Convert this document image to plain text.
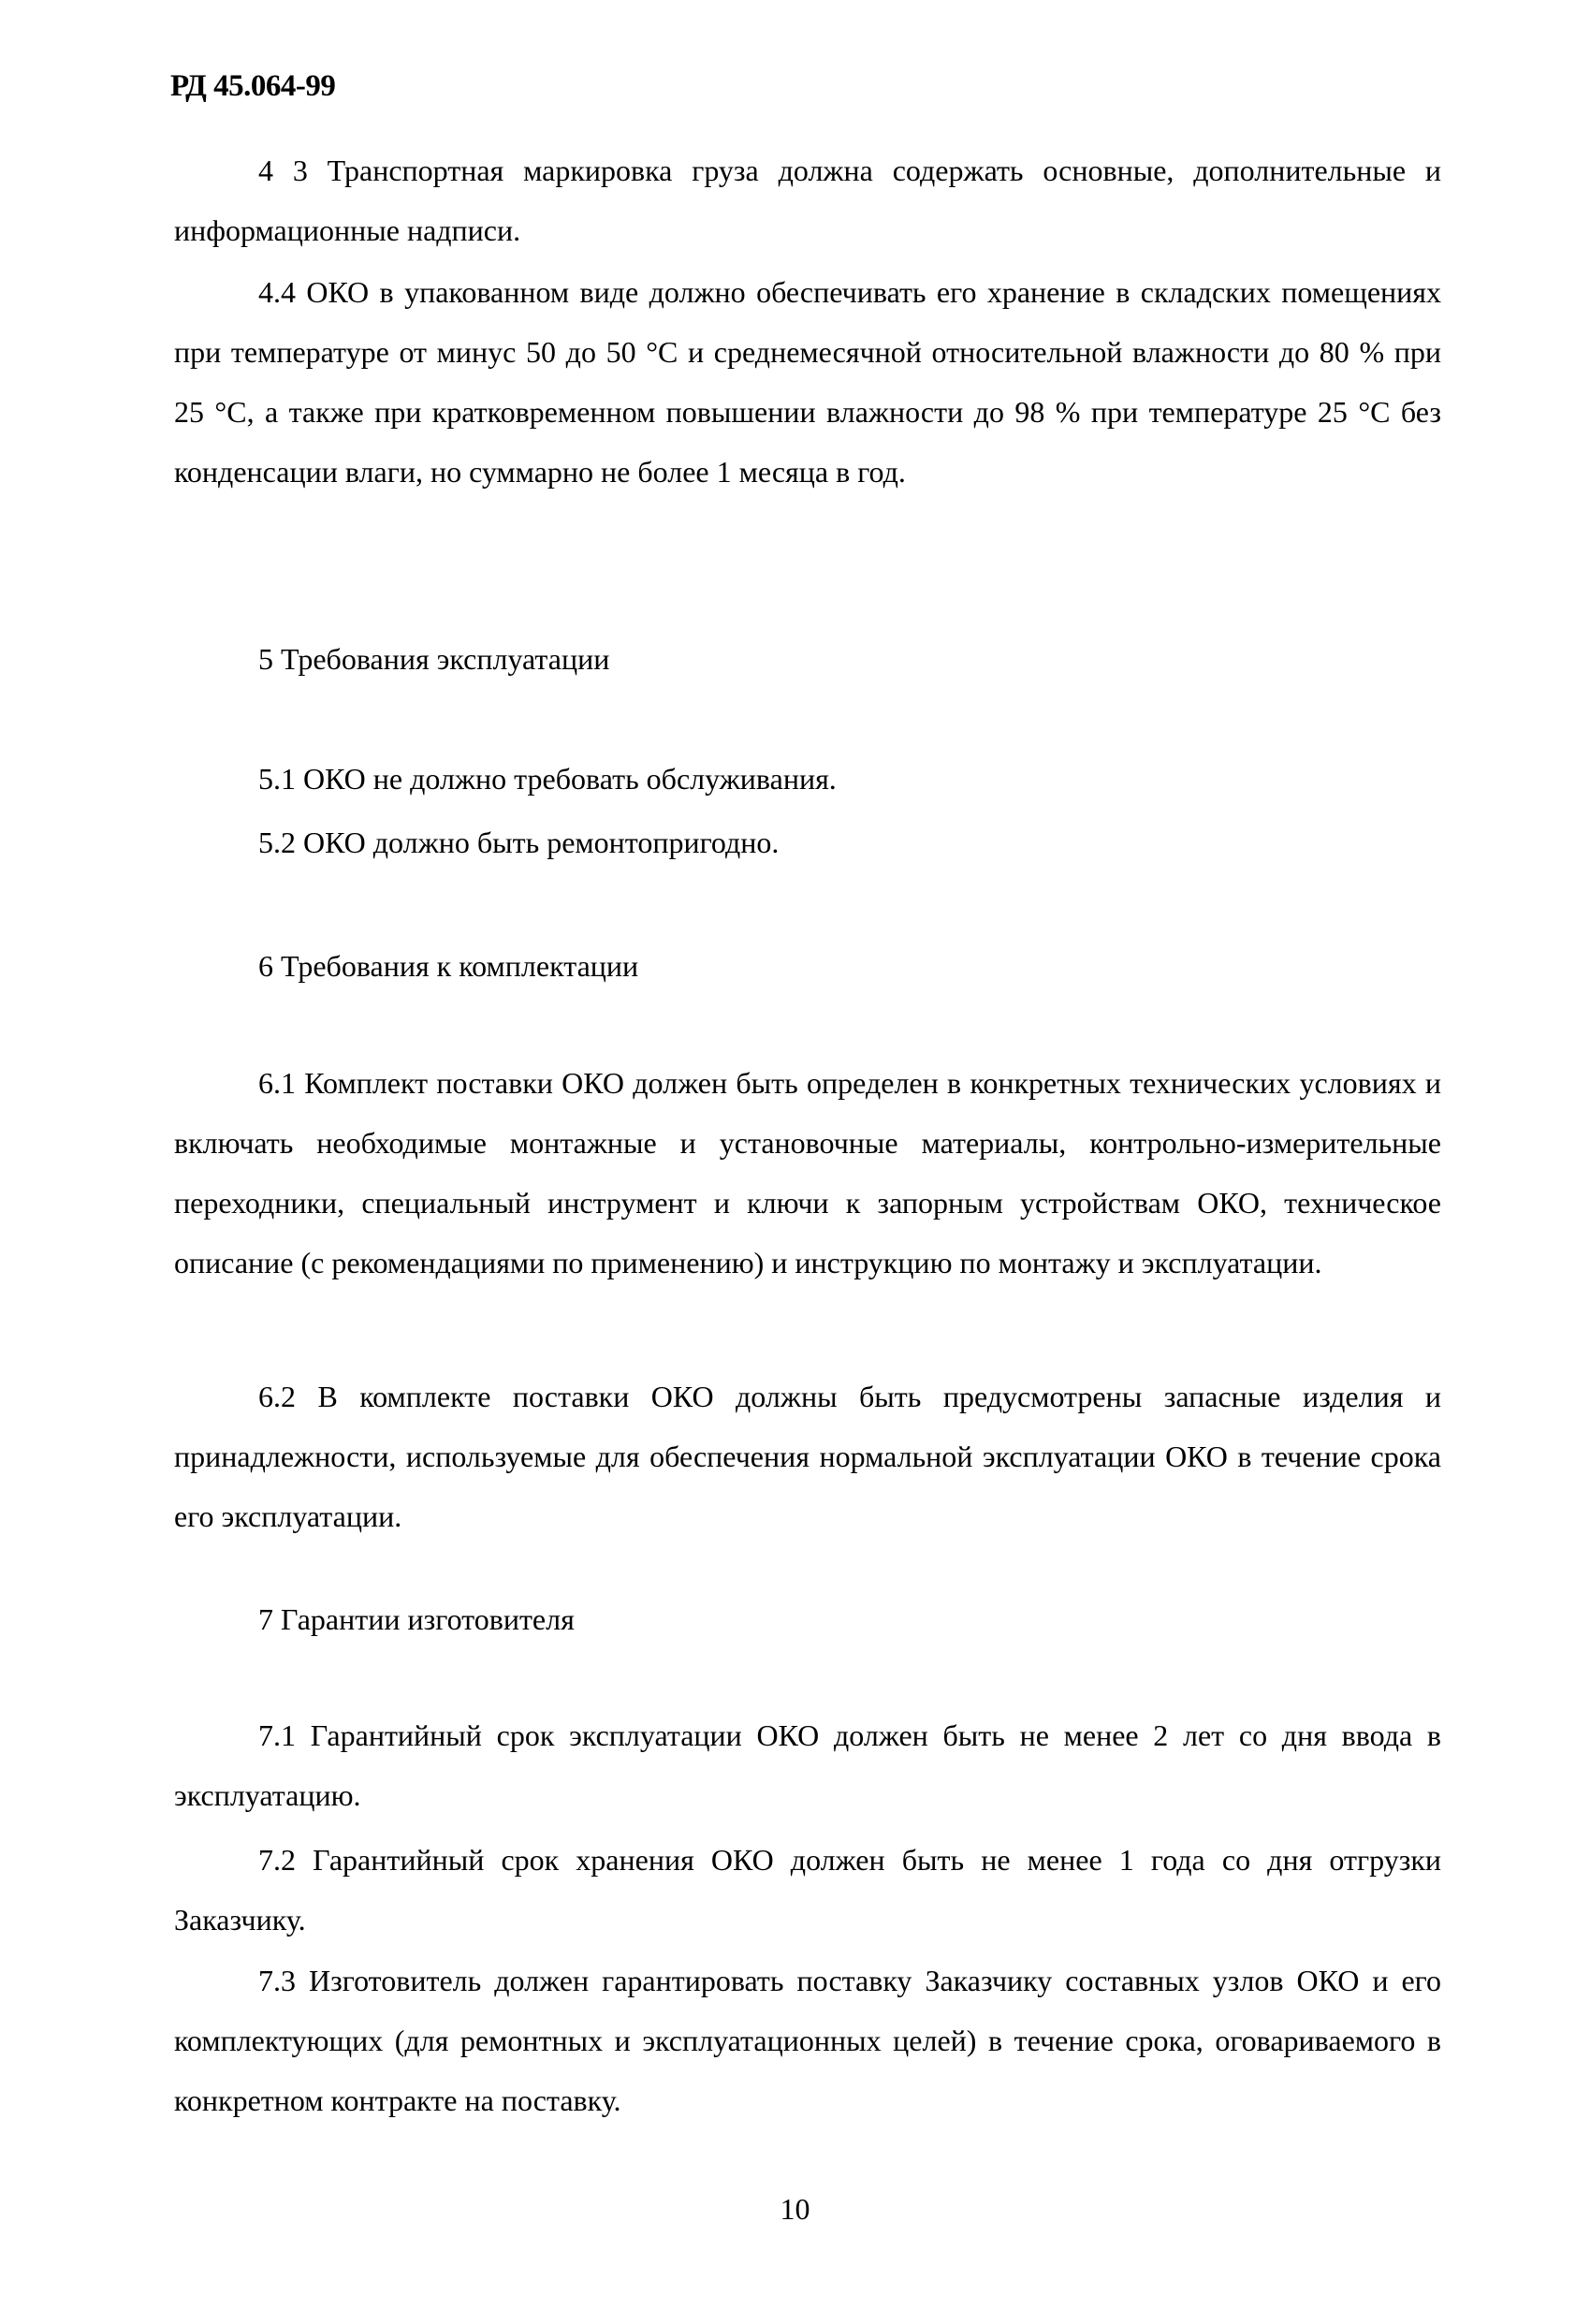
РД 45.064-99

4 3 Транспортная маркировка груза должна содержать основные, дополнительные и информационные надписи.

4.4 ОКО в упакованном виде должно обеспечивать его хранение в складских помещениях при температуре от минус 50 до 50 °С и среднемесячной относительной влажности до 80 % при 25 °С, а также при кратковременном повышении влажности до 98 % при температуре 25 °С без конденсации влаги, но суммарно не более 1 месяца в год.

5 Требования эксплуатации

5.1 ОКО не должно требовать обслуживания.

5.2 ОКО должно быть ремонтопригодно.

6 Требования к комплектации

6.1 Комплект поставки ОКО должен быть определен в конкретных технических условиях и включать необходимые монтажные и установочные материалы, контрольно-измерительные переходники, специальный инструмент и ключи к запорным устройствам ОКО, техническое описание (с рекомендациями по применению) и инструкцию по монтажу и эксплуатации.

6.2 В комплекте поставки ОКО должны быть предусмотрены запасные изделия и принадлежности, используемые для обеспечения нормальной эксплуатации ОКО в течение срока его эксплуатации.

7 Гарантии изготовителя

7.1 Гарантийный срок эксплуатации ОКО должен быть не менее 2 лет со дня ввода в эксплуатацию.

7.2 Гарантийный срок хранения ОКО должен быть не менее 1 года со дня отгрузки Заказчику.

7.3 Изготовитель должен гарантировать поставку Заказчику составных узлов ОКО и его комплектующих (для ремонтных и эксплуатационных целей) в течение срока, оговариваемого в конкретном контракте на поставку.

10
